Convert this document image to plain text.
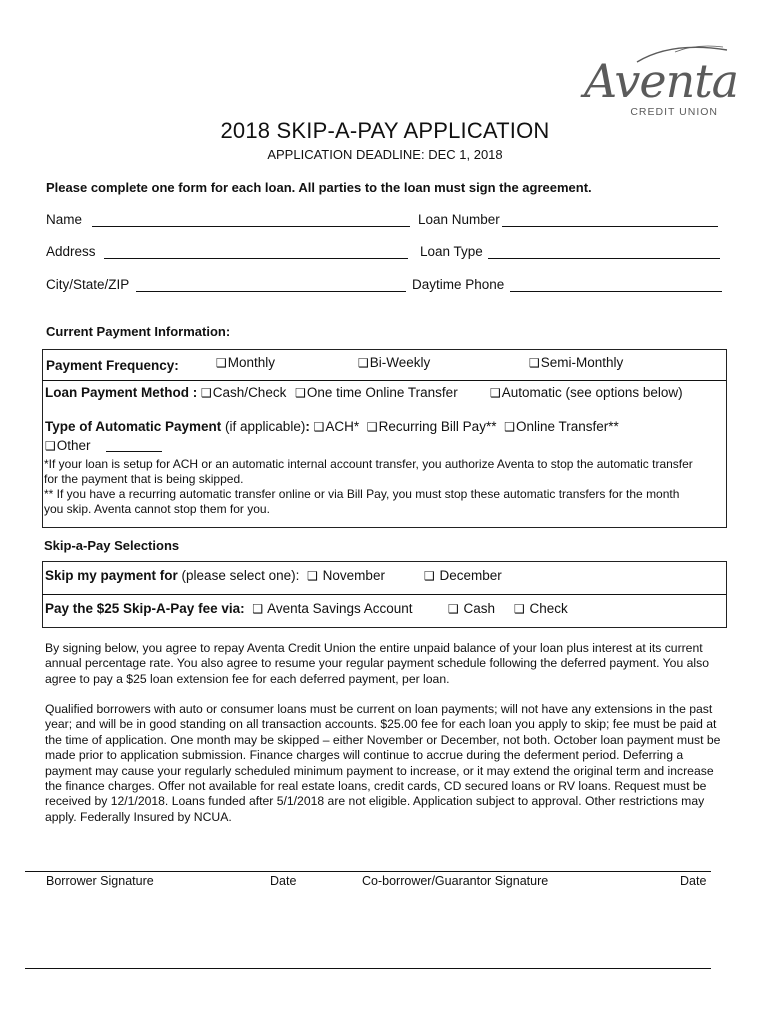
Aventa
CREDIT UNION
2018 SKIP-A-PAY APPLICATION
APPLICATION DEADLINE: DEC 1, 2018
Please complete one form for each loan. All parties to the loan must sign the agreement.
Name	Loan Number
Address	Loan Type
City/State/ZIP	Daytime Phone
Current Payment Information:
Payment Frequency:	❑Monthly	❑Bi-Weekly	❑Semi-Monthly
Loan Payment Method : ❑Cash/Check ❑One time Online Transfer	❑Automatic (see options below)
Type of Automatic Payment (if applicable): ❑ACH* ❑Recurring Bill Pay** ❑Online Transfer**
❑Other
*If your loan is setup for ACH or an automatic internal account transfer, you authorize Aventa to stop the automatic transfer
for the payment that is being skipped.
** If you have a recurring automatic transfer online or via Bill Pay, you must stop these automatic transfers for the month
you skip. Aventa cannot stop them for you.
Skip-a-Pay Selections
Skip my payment for (please select one): ❑ November	❑ December
Pay the $25 Skip-A-Pay fee via: ❑ Aventa Savings Account	❑ Cash ❑ Check
By signing below, you agree to repay Aventa Credit Union the entire unpaid balance of your loan plus interest at its current annual percentage rate. You also agree to resume your regular payment schedule following the deferred payment. You also agree to pay a $25 loan extension fee for each deferred payment, per loan.
Qualified borrowers with auto or consumer loans must be current on loan payments; will not have any extensions in the past year; and will be in good standing on all transaction accounts. $25.00 fee for each loan you apply to skip; fee must be paid at the time of application. One month may be skipped – either November or December, not both. October loan payment must be made prior to application submission. Finance charges will continue to accrue during the deferment period. Deferring a payment may cause your regularly scheduled minimum payment to increase, or it may extend the original term and increase the finance charges. Offer not available for real estate loans, credit cards, CD secured loans or RV loans. Request must be received by 12/1/2018. Loans funded after 5/1/2018 are not eligible. Application subject to approval. Other restrictions may apply. Federally Insured by NCUA.
Borrower Signature	Date	Co-borrower/Guarantor Signature	Date
